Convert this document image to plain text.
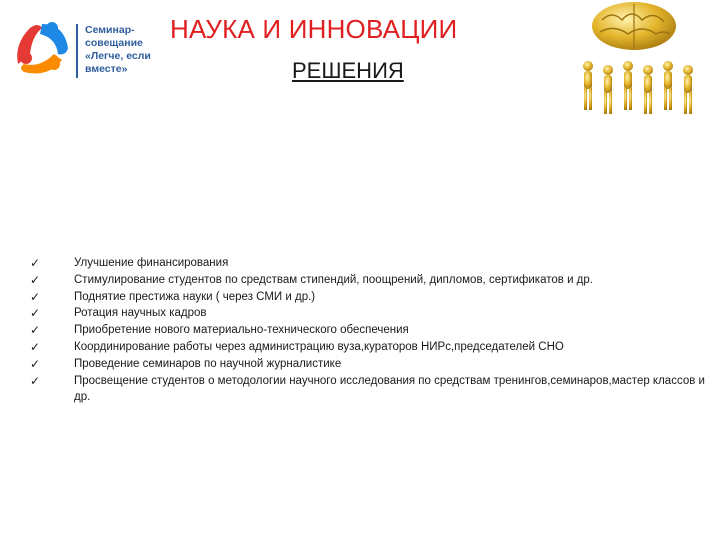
Семинар-
совещание
«Легче, если
вместе»
НАУКА И ИННОВАЦИИ
РЕШЕНИЯ
✓	Улучшение финансирования
✓	Стимулирование студентов по средствам стипендий, поощрений, дипломов, сертификатов и др.
✓	Поднятие престижа науки ( через СМИ и др.)
✓	Ротация научных кадров
✓	Приобретение нового материально-технического обеспечения
✓	Координирование работы через администрацию вуза,кураторов НИРс,председателей СНО
✓	Проведение семинаров по научной журналистике
✓	Просвещение студентов о методологии научного исследования по средствам тренингов,семинаров,мастер классов и др.
